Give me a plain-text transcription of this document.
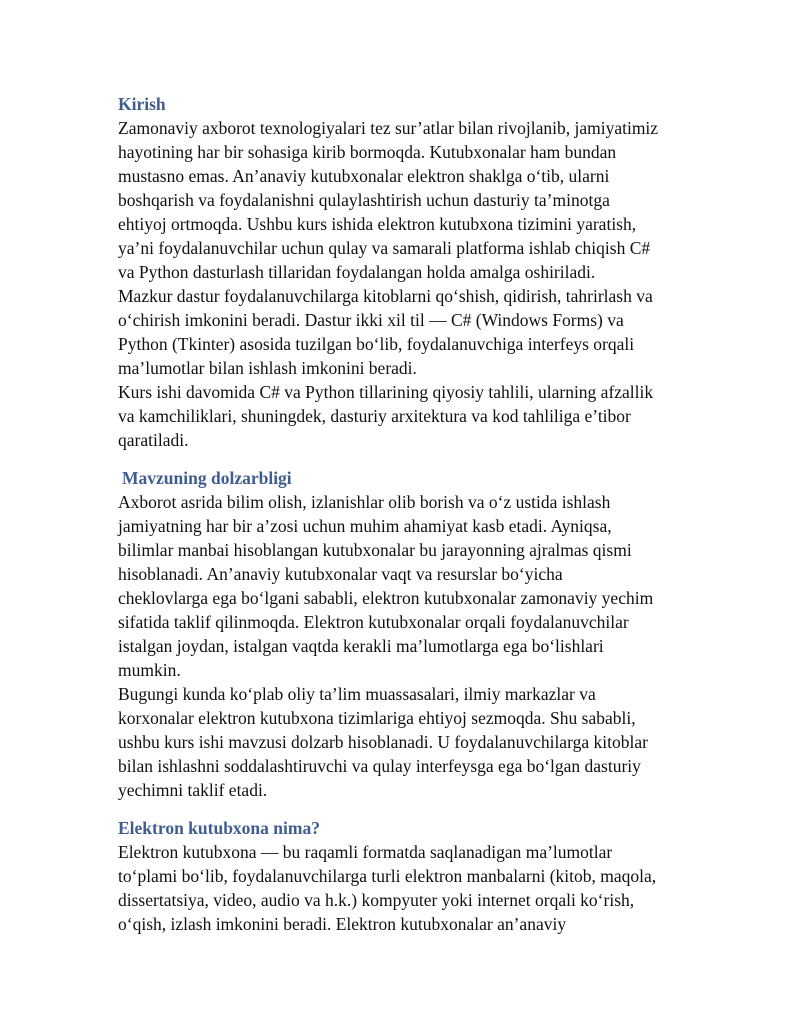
Kirish

Zamonaviy axborot texnologiyalari tez sur’atlar bilan rivojlanib, jamiyatimiz
hayotining har bir sohasiga kirib bormoqda. Kutubxonalar ham bundan
mustasno emas. An’anaviy kutubxonalar elektron shaklga o‘tib, ularni
boshqarish va foydalanishni qulaylashtirish uchun dasturiy ta’minotga
ehtiyoj ortmoqda. Ushbu kurs ishida elektron kutubxona tizimini yaratish,
ya’ni foydalanuvchilar uchun qulay va samarali platforma ishlab chiqish C#
va Python dasturlash tillaridan foydalangan holda amalga oshiriladi.

Mazkur dastur foydalanuvchilarga kitoblarni qo‘shish, qidirish, tahrirlash va
o‘chirish imkonini beradi. Dastur ikki xil til — C# (Windows Forms) va
Python (Tkinter) asosida tuzilgan bo‘lib, foydalanuvchiga interfeys orqali
ma’lumotlar bilan ishlash imkonini beradi.

Kurs ishi davomida C# va Python tillarining qiyosiy tahlili, ularning afzallik
va kamchiliklari, shuningdek, dasturiy arxitektura va kod tahliliga e’tibor
qaratiladi.

Mavzuning dolzarbligi

Axborot asrida bilim olish, izlanishlar olib borish va o‘z ustida ishlash
jamiyatning har bir a’zosi uchun muhim ahamiyat kasb etadi. Ayniqsa,
bilimlar manbai hisoblangan kutubxonalar bu jarayonning ajralmas qismi
hisoblanadi. An’anaviy kutubxonalar vaqt va resurslar bo‘yicha
cheklovlarga ega bo‘lgani sababli, elektron kutubxonalar zamonaviy yechim
sifatida taklif qilinmoqda. Elektron kutubxonalar orqali foydalanuvchilar
istalgan joydan, istalgan vaqtda kerakli ma’lumotlarga ega bo‘lishlari
mumkin.

Bugungi kunda ko‘plab oliy ta’lim muassasalari, ilmiy markazlar va
korxonalar elektron kutubxona tizimlariga ehtiyoj sezmoqda. Shu sababli,
ushbu kurs ishi mavzusi dolzarb hisoblanadi. U foydalanuvchilarga kitoblar
bilan ishlashni soddalashtiruvchi va qulay interfeysga ega bo‘lgan dasturiy
yechimni taklif etadi.

Elektron kutubxona nima?

Elektron kutubxona — bu raqamli formatda saqlanadigan ma’lumotlar
to‘plami bo‘lib, foydalanuvchilarga turli elektron manbalarni (kitob, maqola,
dissertatsiya, video, audio va h.k.) kompyuter yoki internet orqali ko‘rish,
o‘qish, izlash imkonini beradi. Elektron kutubxonalar an’anaviy
